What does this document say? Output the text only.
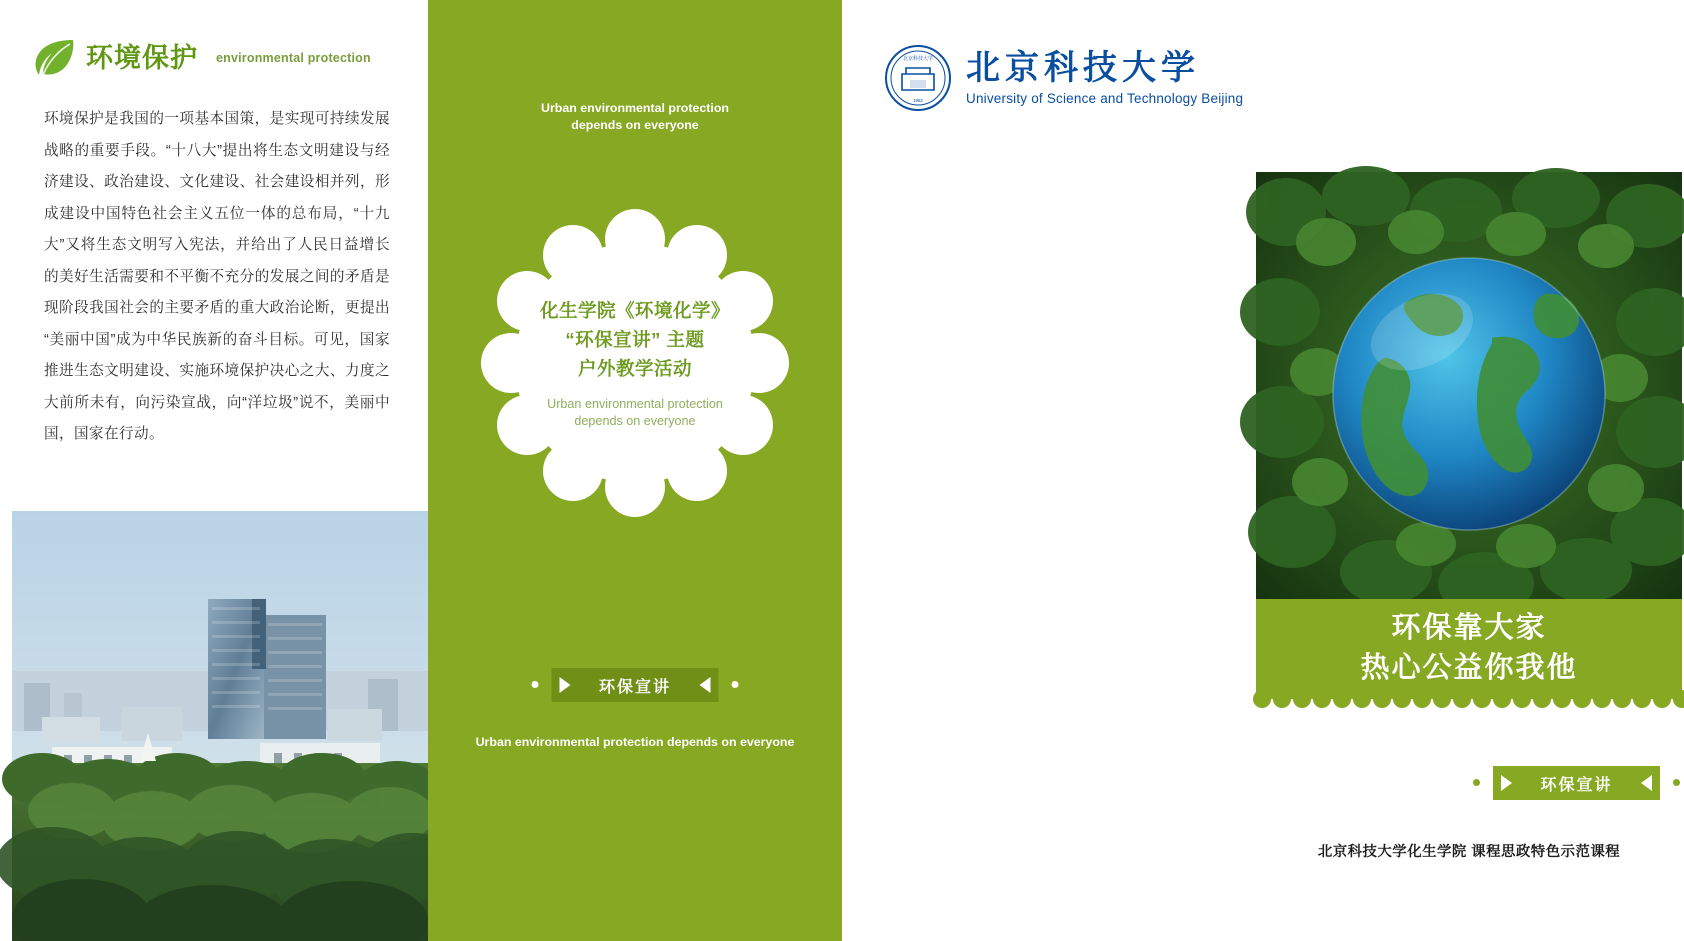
环境保护 environmental protection
环境保护是我国的一项基本国策，是实现可持续发展战略的重要手段。“十八大”提出将生态文明建设与经济建设、政治建设、文化建设、社会建设相并列，形成建设中国特色社会主义五位一体的总布局，“十九大”又将生态文明写入宪法，并给出了人民日益增长的美好生活需要和不平衡不充分的发展之间的矛盾是现阶段我国社会的主要矛盾的重大政治论断，更提出“美丽中国”成为中华民族新的奋斗目标。可见，国家推进生态文明建设、实施环境保护决心之大、力度之大前所未有，向污染宣战，向“洋垃圾”说不，美丽中国，国家在行动。
Urban environmental protection
depends on everyone
化生学院《环境化学》
“环保宣讲” 主题
户外教学活动
Urban environmental protection
depends on everyone
环保宣讲
Urban environmental protection depends on everyone
北京科技大学
1952
北京科技大学
University of Science and Technology Beijing
环保靠大家
热心公益你我他
环保宣讲
北京科技大学化生学院 课程思政特色示范课程
